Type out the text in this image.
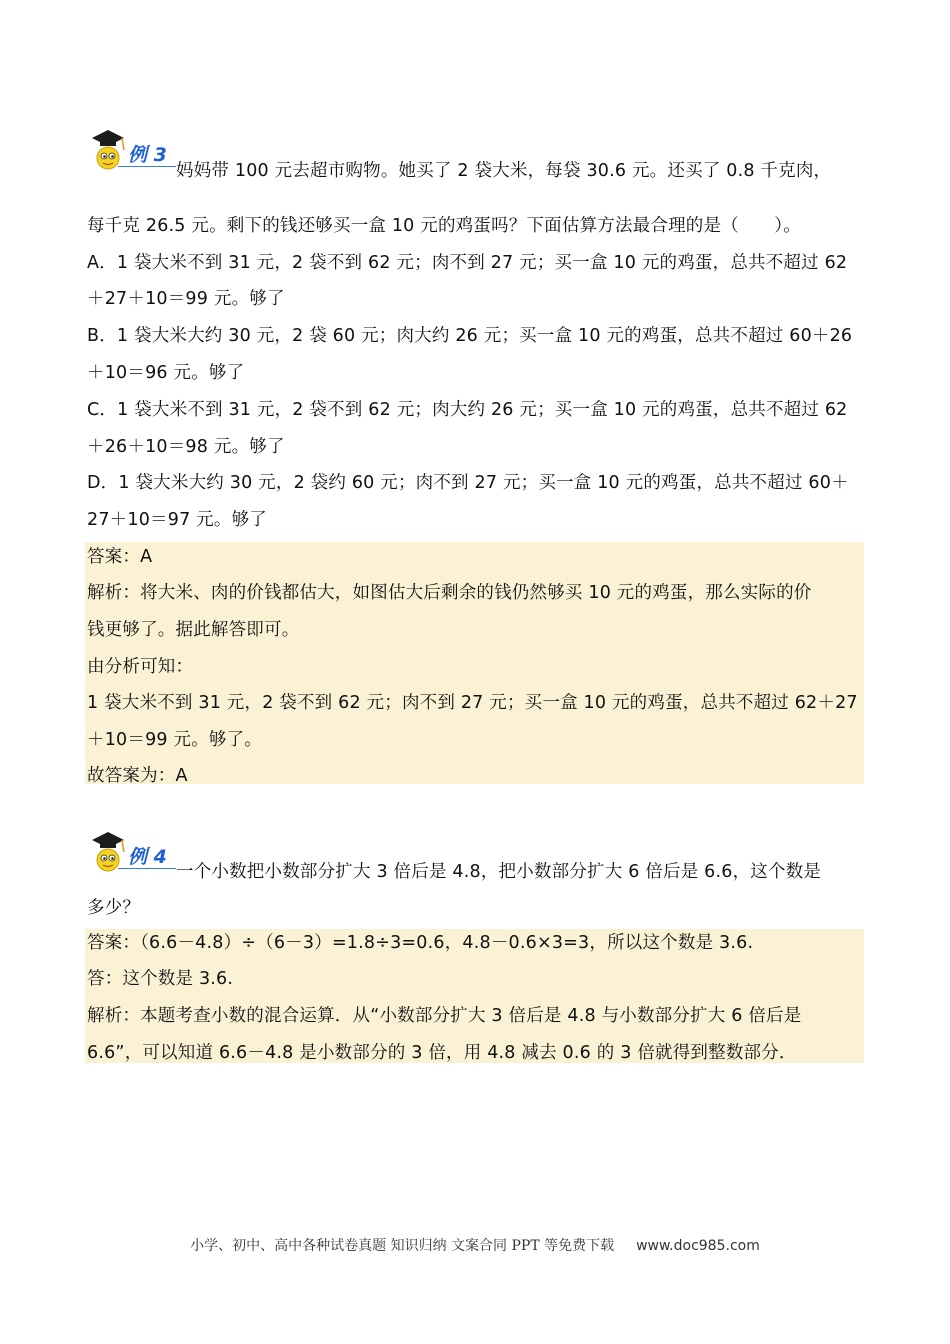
例 3
妈妈带 100 元去超市购物。她买了 2 袋大米，每袋 30.6 元。还买了 0.8 千克肉，
每千克 26.5 元。剩下的钱还够买一盒 10 元的鸡蛋吗？下面估算方法最合理的是（　　）。
A．1 袋大米不到 31 元，2 袋不到 62 元；肉不到 27 元；买一盒 10 元的鸡蛋，总共不超过 62
＋27＋10＝99 元。够了
B．1 袋大米大约 30 元，2 袋 60 元；肉大约 26 元；买一盒 10 元的鸡蛋，总共不超过 60＋26
＋10＝96 元。够了
C．1 袋大米不到 31 元，2 袋不到 62 元；肉大约 26 元；买一盒 10 元的鸡蛋，总共不超过 62
＋26＋10＝98 元。够了
D．1 袋大米大约 30 元，2 袋约 60 元；肉不到 27 元；买一盒 10 元的鸡蛋，总共不超过 60＋
27＋10＝97 元。够了
答案：A
解析：将大米、肉的价钱都估大，如图估大后剩余的钱仍然够买 10 元的鸡蛋，那么实际的价
钱更够了。据此解答即可。
由分析可知：
1 袋大米不到 31 元，2 袋不到 62 元；肉不到 27 元；买一盒 10 元的鸡蛋，总共不超过 62＋27
＋10＝99 元。够了。
故答案为：A
例 4
一个小数把小数部分扩大 3 倍后是 4.8，把小数部分扩大 6 倍后是 6.6，这个数是
多少？
答案：（6.6－4.8）÷（6－3）=1.8÷3=0.6，4.8－0.6×3=3，所以这个数是 3.6.
答：这个数是 3.6.
解析：本题考查小数的混合运算．从“小数部分扩大 3 倍后是 4.8 与小数部分扩大 6 倍后是
6.6”，可以知道 6.6－4.8 是小数部分的 3 倍，用 4.8 减去 0.6 的 3 倍就得到整数部分．
小学、初中、高中各种试卷真题 知识归纳 文案合同 PPT 等免费下载 www.doc985.com
